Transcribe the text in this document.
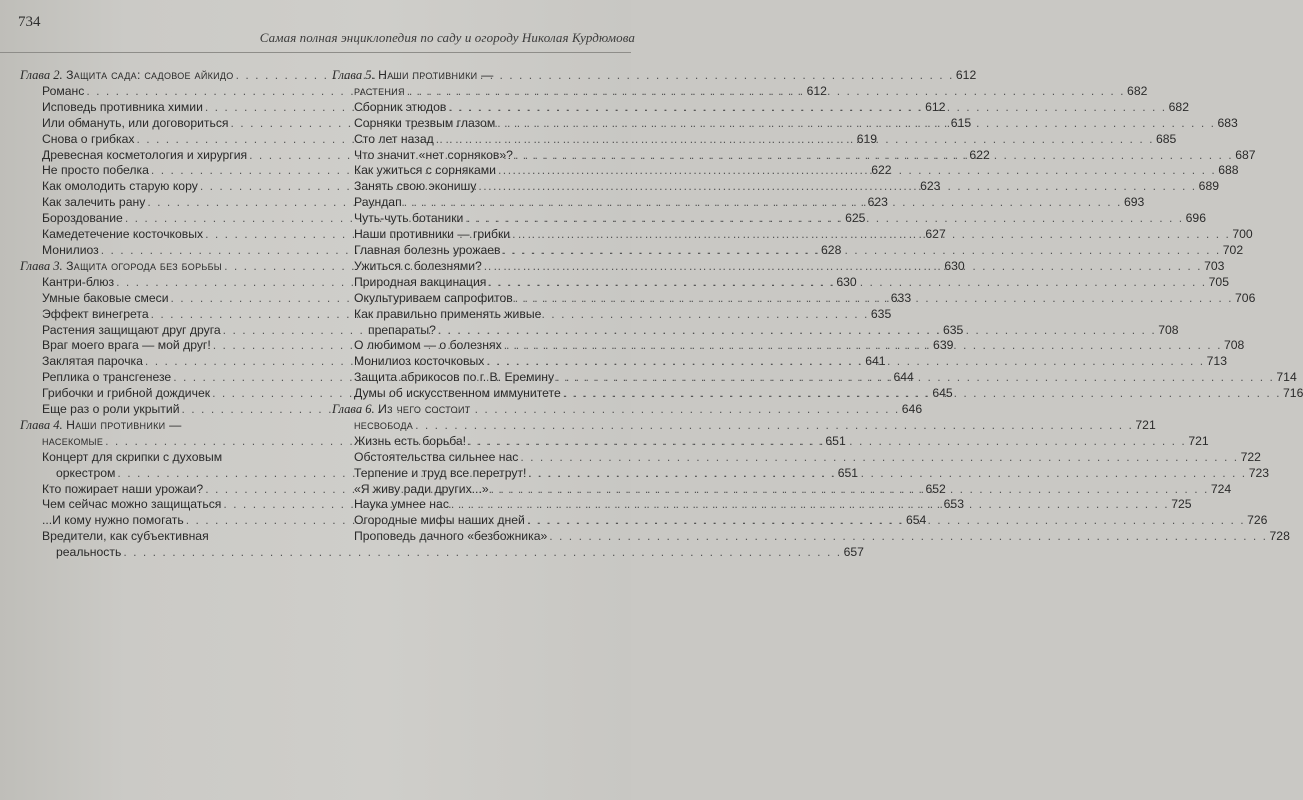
734
Самая полная энциклопедия по саду и огороду Николая Курдюмова
Глава 2. Защита сада: садовое айкидо . . .	612
Романс . . .	612
Исповедь противника химии . . .	612
Или обмануть, или договориться . . .	615
Снова о грибках . . .	619
Древесная косметология и хирургия . . .	622
Не просто побелка . . .	622
Как омолодить старую кору . . .	623
Как залечить рану . . .	623
Бороздование . . .	625
Камедетечение косточковых . . .	627
Монилиоз . . .	628
Глава 3. Защита огорода без борьбы . . .	630
Кантри-блюз . . .	630
Умные баковые смеси . . .	633
Эффект винегрета . . .	635
Растения защищают друг друга . . .	635
Враг моего врага — мой друг! . . .	639
Заклятая парочка . . .	641
Реплика о трансгенезе . . .	644
Грибочки и грибной дождичек . . .	645
Еще раз о роли укрытий . . .	646
Глава 4. Наши противники —
насекомые . . .	651
Концерт для скрипки с духовым
оркестром . . .	651
Кто пожирает наши урожаи? . . .	652
Чем сейчас можно защищаться . . .	653
...И кому нужно помогать . . .	654
Вредители, как субъективная
реальность . . .	657
Глава 5. Наши противники —
растения . . .	682
Сборник этюдов . . .	682
Сорняки трезвым глазом . . .	683
Сто лет назад . . .	685
Что значит «нет сорняков»? . . .	687
Как ужиться с сорняками . . .	688
Занять свою эконишу . . .	689
Раундап . . .	693
Чуть-чуть ботаники . . .	696
Наши противники — грибки . . .	700
Главная болезнь урожаев . . .	702
Ужиться с болезнями? . . .	703
Природная вакцинация . . .	705
Окультуриваем сапрофитов . . .	706
Как правильно применять живые
препараты? . . .	708
О любимом — о болезнях . . .	708
Монилиоз косточковых . . .	713
Защита абрикосов по г. В. Еремину . . .	714
Думы об искусственном иммунитете . . .	716
Глава 6. Из чего состоит
несвобода . . .	721
Жизнь есть борьба! . . .	721
Обстоятельства сильнее нас . . .	722
Терпение и труд все перетрут! . . .	723
«Я живу ради других...» . . .	724
Наука умнее нас . . .	725
Огородные мифы наших дней . . .	726
Проповедь дачного «безбожника» . . .	728
